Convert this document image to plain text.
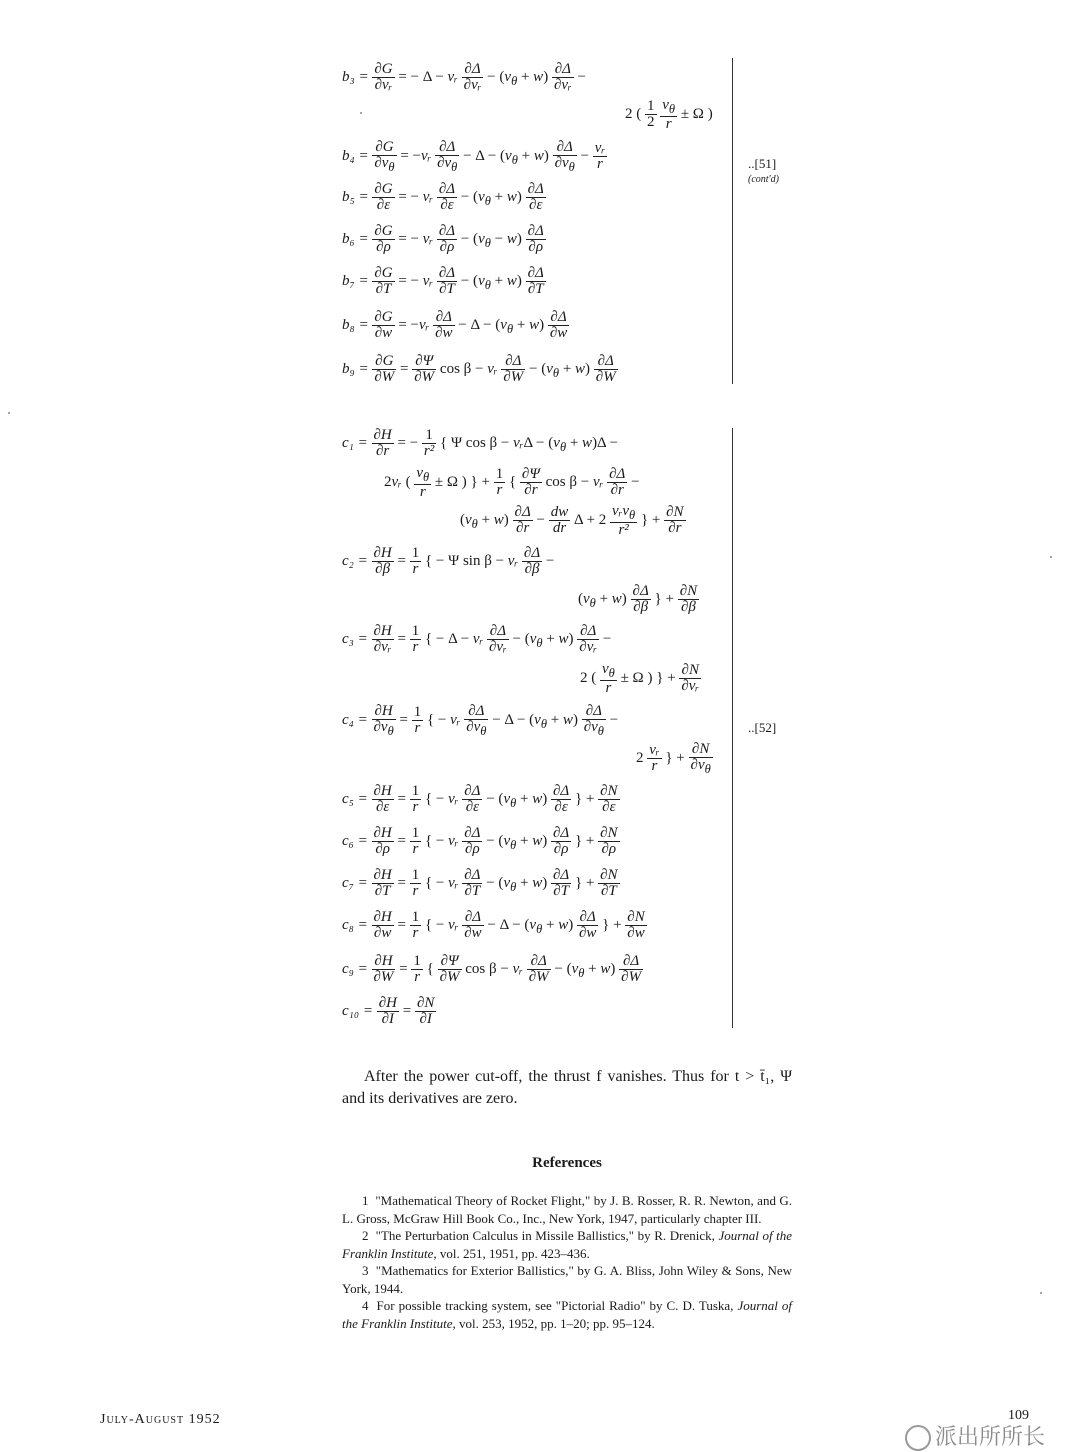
$b_3 = \frac{\partial G}{\text{∂vᵣ}}$ = − Δ − vᵣ $\frac{\partial\Delta}{\text{∂vᵣ}} - (v_\theta + w) \frac{\partial\Delta}{\text{∂vᵣ}}$ −
2 ( $\frac{1}{2}$
$\frac{v_\theta}{r} \pm \Omega$ )
$b_4 = \frac{\partial G}{\partial v_\theta}$ = −vᵣ $\frac{\partial\Delta}{\partial v_\theta} - \Delta - (v_\theta + w) \frac{\partial\Delta}{\partial v_\theta} - \frac{\text{vᵣ}}{r}$
$b_5 = \frac{\partial G}{\partial\varepsilon}$ = − vᵣ $\frac{\partial\Delta}{\partial\varepsilon} - (v_\theta + w) \frac{\partial\Delta}{\partial\varepsilon}$
$b_6 = \frac{\partial G}{\partial\rho}$ = − vᵣ $\frac{\partial\Delta}{\partial\rho} - (v_\theta - w) \frac{\partial\Delta}{\partial\rho}$
$b_7 = \frac{\partial G}{\partial T}$ = − vᵣ $\frac{\partial\Delta}{\partial T} - (v_\theta + w) \frac{\partial\Delta}{\partial T}$
$b_8 = \frac{\partial G}{\partial w}$ = −vᵣ $\frac{\partial\Delta}{\partial w} - \Delta - (v_\theta + w) \frac{\partial\Delta}{\partial w}$
$b_9 = \frac{\partial G}{\partial W} = \frac{\partial\Psi}{\partial W}$ cos β − vᵣ $\frac{\partial\Delta}{\partial W} - (v_\theta + w) \frac{\partial\Delta}{\partial W}$
..[51]
(cont'd)
$c_1 = \frac{\partial H}{\partial r}$ = − $\frac{1}{\text{r²}}$ { Ψ cos β − vᵣΔ − $(v_\theta + w)\Delta$ −
2vᵣ ( $\frac{v_\theta}{r} \pm \Omega$ ) } + $\frac{1}{r}$ { $\frac{\partial\Psi}{\partial r}$ cos β − vᵣ $\frac{\partial\Delta}{\partial r}$ −
$(v_\theta + w) \frac{\partial\Delta}{\partial r} - \frac{dw}{dr}$ $\Delta + 2 \frac{vᵣv_\theta}{\text{r²}}$ } + $\frac{\partial N}{\partial r}$
$c_2 = \frac{\partial H}{\partial\beta} = \frac{1}{r}$ { − Ψ sin β − vᵣ $\frac{\partial\Delta}{\partial\beta}$ −
$(v_\theta + w) \frac{\partial\Delta}{\partial\beta}$ } + $\frac{\partial N}{\partial\beta}$
$c_3 = \frac{\partial H}{\text{∂vᵣ}} = \frac{1}{r}$ { − Δ − vᵣ $\frac{\partial\Delta}{\text{∂vᵣ}} - (v_\theta + w) \frac{\partial\Delta}{\text{∂vᵣ}}$ −
2 ( $\frac{v_\theta}{r} \pm \Omega$ ) } + $\frac{\partial N}{\text{∂vᵣ}}$
$c_4 = \frac{\partial H}{\partial v_\theta} = \frac{1}{r}$ { − vᵣ $\frac{\partial\Delta}{\partial v_\theta} - \Delta - (v_\theta + w) \frac{\partial\Delta}{\partial v_\theta}$ −
$2 \frac{\text{vᵣ}}{r}$ } + $\frac{\partial N}{\partial v_\theta}$
$c_5 = \frac{\partial H}{\partial\varepsilon} = \frac{1}{r}$ { − vᵣ $\frac{\partial\Delta}{\partial\varepsilon} - (v_\theta + w) \frac{\partial\Delta}{\partial\varepsilon}$ } + $\frac{\partial N}{\partial\varepsilon}$
$c_6 = \frac{\partial H}{\partial\rho} = \frac{1}{r}$ { − vᵣ $\frac{\partial\Delta}{\partial\rho} - (v_\theta + w) \frac{\partial\Delta}{\partial\rho}$ } + $\frac{\partial N}{\partial\rho}$
$c_7 = \frac{\partial H}{\partial T} = \frac{1}{r}$ { − vᵣ $\frac{\partial\Delta}{\partial T} - (v_\theta + w) \frac{\partial\Delta}{\partial T}$ } + $\frac{\partial N}{\partial T}$
$c_8 = \frac{\partial H}{\partial w} = \frac{1}{r}$ { − vᵣ $\frac{\partial\Delta}{\partial w} - \Delta - (v_\theta + w) \frac{\partial\Delta}{\partial w}$ } + $\frac{\partial N}{\partial w}$
$c_9 = \frac{\partial H}{\partial W} = \frac{1}{r}$ { $\frac{\partial\Psi}{\partial W}$ cos β − vᵣ $\frac{\partial\Delta}{\partial W} - (v_\theta + w) \frac{\partial\Delta}{\partial W}$
$c_{10} = \frac{\partial H}{\partial I} = \frac{\partial N}{\partial I}$
..[52]

After the power cut-off, the thrust f vanishes. Thus for t > t̄₁, Ψ and its derivatives are zero.

References

1 "Mathematical Theory of Rocket Flight," by J. B. Rosser, R. R. Newton, and G. L. Gross, McGraw Hill Book Co., Inc., New York, 1947, particularly chapter III.

2 "The Perturbation Calculus in Missile Ballistics," by R. Drenick, Journal of the Franklin Institute, vol. 251, 1951, pp. 423–436.

3 "Mathematics for Exterior Ballistics," by G. A. Bliss, John Wiley & Sons, New York, 1944.

4 For possible tracking system, see "Pictorial Radio" by C. D. Tuska, Journal of the Franklin Institute, vol. 253, 1952, pp. 1–20; pp. 95–124.

July-August 1952	109
派出所所长
